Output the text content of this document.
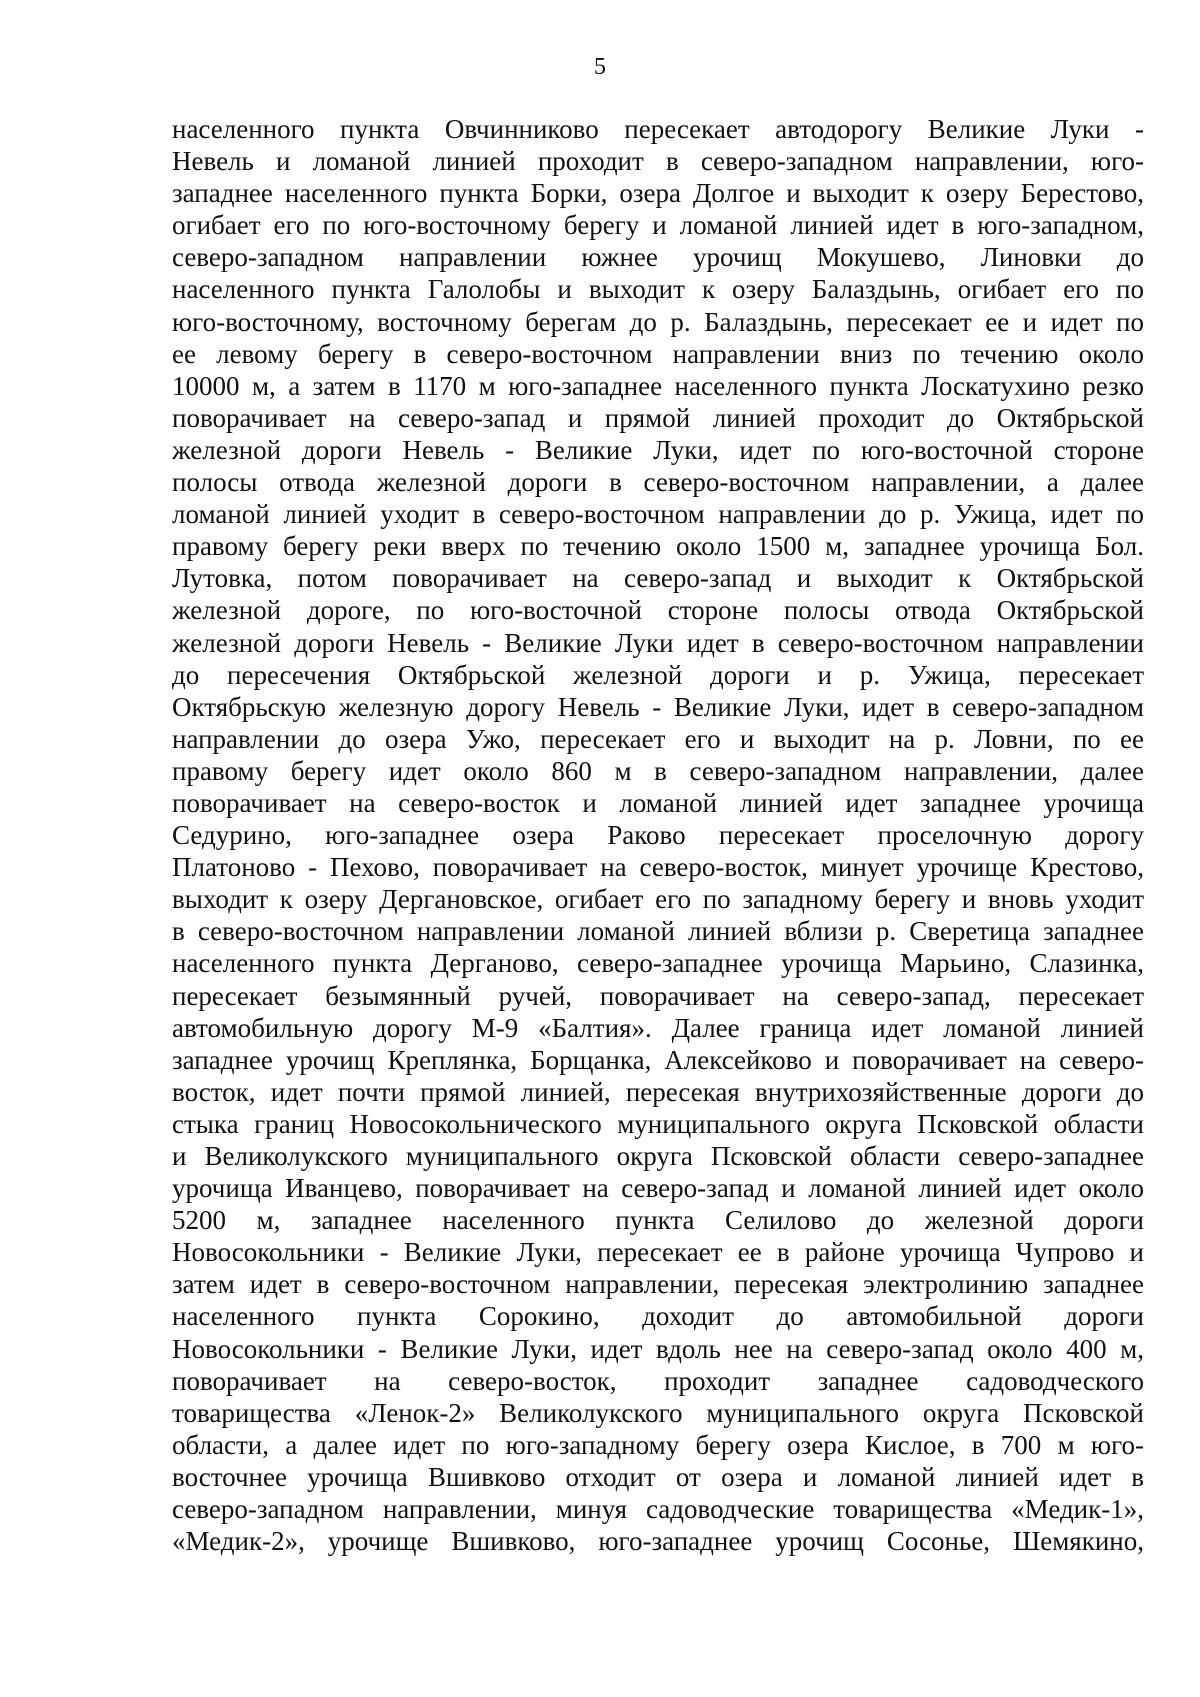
5
населенного пункта Овчинниково пересекает автодорогу Великие Луки -
Невель и ломаной линией проходит в северо-западном направлении, юго-
западнее населенного пункта Борки, озера Долгое и выходит к озеру Берестово,
огибает его по юго-восточному берегу и ломаной линией идет в юго-западном,
северо-западном направлении южнее урочищ Мокушево, Линовки до
населенного пункта Галолобы и выходит к озеру Балаздынь, огибает его по
юго-восточному, восточному берегам до р. Балаздынь, пересекает ее и идет по
ее левому берегу в северо-восточном направлении вниз по течению около
10000 м, а затем в 1170 м юго-западнее населенного пункта Лоскатухино резко
поворачивает на северо-запад и прямой линией проходит до Октябрьской
железной дороги Невель - Великие Луки, идет по юго-восточной стороне
полосы отвода железной дороги в северо-восточном направлении, а далее
ломаной линией уходит в северо-восточном направлении до р. Ужица, идет по
правому берегу реки вверх по течению около 1500 м, западнее урочища Бол.
Лутовка, потом поворачивает на северо-запад и выходит к Октябрьской
железной дороге, по юго-восточной стороне полосы отвода Октябрьской
железной дороги Невель - Великие Луки идет в северо-восточном направлении
до пересечения Октябрьской железной дороги и р. Ужица, пересекает
Октябрьскую железную дорогу Невель - Великие Луки, идет в северо-западном
направлении до озера Ужо, пересекает его и выходит на р. Ловни, по ее
правому берегу идет около 860 м в северо-западном направлении, далее
поворачивает на северо-восток и ломаной линией идет западнее урочища
Седурино, юго-западнее озера Раково пересекает проселочную дорогу
Платоново - Пехово, поворачивает на северо-восток, минует урочище Крестово,
выходит к озеру Дергановское, огибает его по западному берегу и вновь уходит
в северо-восточном направлении ломаной линией вблизи р. Сверетица западнее
населенного пункта Дерганово, северо-западнее урочища Марьино, Слазинка,
пересекает безымянный ручей, поворачивает на северо-запад, пересекает
автомобильную дорогу М-9 «Балтия». Далее граница идет ломаной линией
западнее урочищ Креплянка, Борщанка, Алексейково и поворачивает на северо-
восток, идет почти прямой линией, пересекая внутрихозяйственные дороги до
стыка границ Новосокольнического муниципального округа Псковской области
и Великолукского муниципального округа Псковской области северо-западнее
урочища Иванцево, поворачивает на северо-запад и ломаной линией идет около
5200 м, западнее населенного пункта Селилово до железной дороги
Новосокольники - Великие Луки, пересекает ее в районе урочища Чупрово и
затем идет в северо-восточном направлении, пересекая электролинию западнее
населенного пункта Сорокино, доходит до автомобильной дороги
Новосокольники - Великие Луки, идет вдоль нее на северо-запад около 400 м,
поворачивает на северо-восток, проходит западнее садоводческого
товарищества «Ленок-2» Великолукского муниципального округа Псковской
области, а далее идет по юго-западному берегу озера Кислое, в 700 м юго-
восточнее урочища Вшивково отходит от озера и ломаной линией идет в
северо-западном направлении, минуя садоводческие товарищества «Медик-1»,
«Медик-2», урочище Вшивково, юго-западнее урочищ Сосонье, Шемякино,
